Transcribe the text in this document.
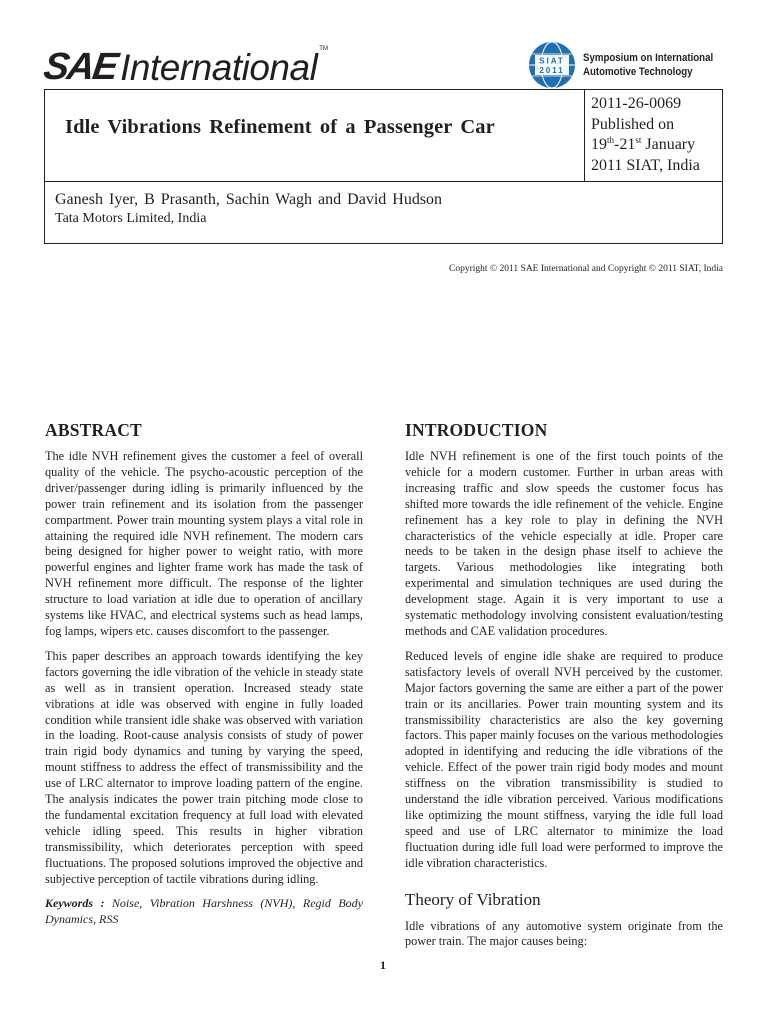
SAE International TM
SIAT
2011
Symposium on International
Automotive Technology
Idle Vibrations Refinement of a Passenger Car
2011-26-0069
Published on
19th-21st January
2011 SIAT, India
Ganesh Iyer, B Prasanth, Sachin Wagh and David Hudson
Tata Motors Limited, India
Copyright © 2011 SAE International and Copyright © 2011 SIAT, India
ABSTRACT

The idle NVH refinement gives the customer a feel of overall quality of the vehicle. The psycho-acoustic perception of the driver/passenger during idling is primarily influenced by the power train refinement and its isolation from the passenger compartment. Power train mounting system plays a vital role in attaining the required idle NVH refinement. The modern cars being designed for higher power to weight ratio, with more powerful engines and lighter frame work has made the task of NVH refinement more difficult. The response of the lighter structure to load variation at idle due to operation of ancillary systems like HVAC, and electrical systems such as head lamps, fog lamps, wipers etc. causes discomfort to the passenger.

This paper describes an approach towards identifying the key factors governing the idle vibration of the vehicle in steady state as well as in transient operation. Increased steady state vibrations at idle was observed with engine in fully loaded condition while transient idle shake was observed with variation in the loading. Root-cause analysis consists of study of power train rigid body dynamics and tuning by varying the speed, mount stiffness to address the effect of transmissibility and the use of LRC alternator to improve loading pattern of the engine. The analysis indicates the power train pitching mode close to the fundamental excitation frequency at full load with elevated vehicle idling speed. This results in higher vibration transmissibility, which deteriorates perception with speed fluctuations. The proposed solutions improved the objective and subjective perception of tactile vibrations during idling.

Keywords : Noise, Vibration Harshness (NVH), Regid Body Dynamics, RSS

INTRODUCTION

Idle NVH refinement is one of the first touch points of the vehicle for a modern customer. Further in urban areas with increasing traffic and slow speeds the customer focus has shifted more towards the idle refinement of the vehicle. Engine refinement has a key role to play in defining the NVH characteristics of the vehicle especially at idle. Proper care needs to be taken in the design phase itself to achieve the targets. Various methodologies like integrating both experimental and simulation techniques are used during the development stage. Again it is very important to use a systematic methodology involving consistent evaluation/testing methods and CAE validation procedures.

Reduced levels of engine idle shake are required to produce satisfactory levels of overall NVH perceived by the customer. Major factors governing the same are either a part of the power train or its ancillaries. Power train mounting system and its transmissibility characteristics are also the key governing factors. This paper mainly focuses on the various methodologies adopted in identifying and reducing the idle vibrations of the vehicle. Effect of the power train rigid body modes and mount stiffness on the vibration transmissibility is studied to understand the idle vibration perceived. Various modifications like optimizing the mount stiffness, varying the idle full load speed and use of LRC alternator to minimize the load fluctuation during idle full load were performed to improve the idle vibration characteristics.

Theory of Vibration

Idle vibrations of any automotive system originate from the power train. The major causes being:

1
